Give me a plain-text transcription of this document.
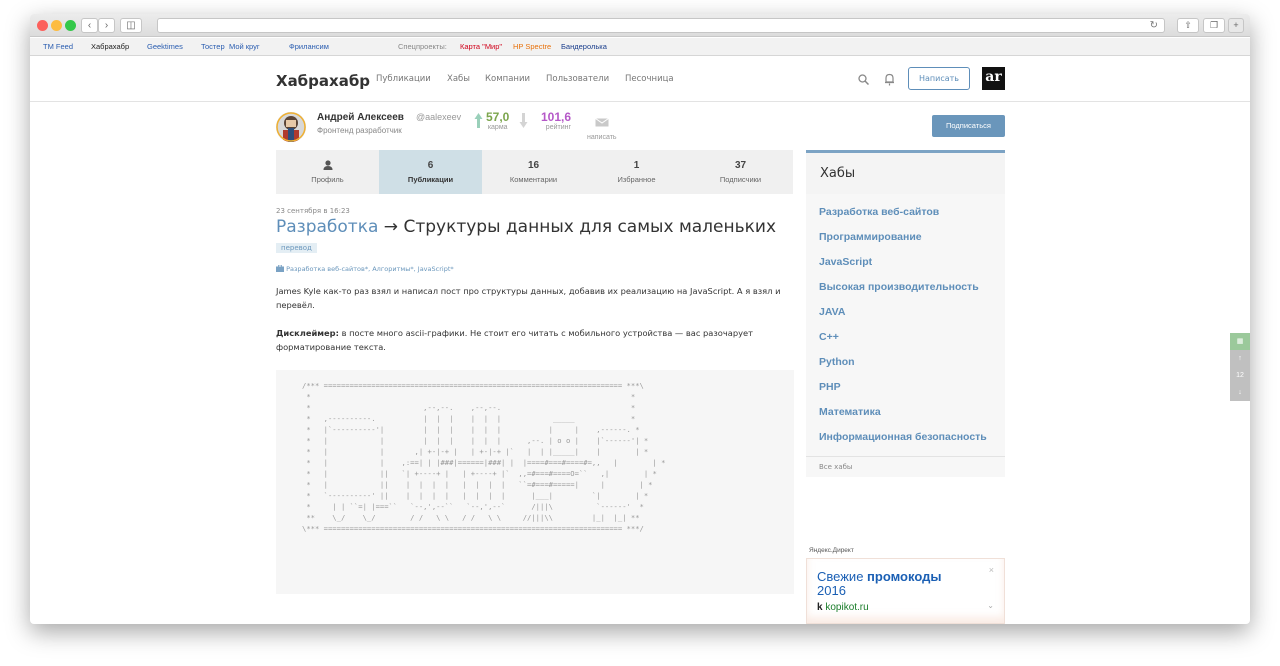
‹	›	◫	↻	⇧	❐	+
TM Feed Хабрахабр Geektimes Тостер Мой круг	Фрилансим	Спецпроекты: Карта "Мир" HP Spectre Бандеролька
Хабрахабр Публикации Хабы Компании Пользователи Песочница	Написать	ar
Андрей Алексеев @aalexeev
Фронтенд разработчик
57,0
карма
101,6
рейтинг
написать
Подписаться
Профиль
6
Публикации
16
Комментарии
1
Избранное
37
Подписчики
23 сентября в 16:23
Разработка → Структуры данных для самых маленьких
перевод
Разработка веб-сайтов*, Алгоритмы*, JavaScript*
James Kyle как-то раз взял и написал пост про структуры данных, добавив их реализацию на JavaScript. А я взял и перевёл.
Дисклеймер: в посте много ascii-графики. Не стоит его читать с мобильного устройства — вас разочарует форматирование текста.
/*** ===================================================================== ***\
*                                                                          *
*                          ,--,--.    ,--,--.                              *
*   ,----------.           |  |  |    |  |  |            _____             *
*   |`----------'|         |  |  |    |  |  |           |     |    ,------. *
*   |            |         |  |  |    |  |  |      ,--. | o o |    |`------'| *
*   |            |       ,| +-|-+ |   | +-|-+ |`   |  | |_____|    |        | *
*   |            |    ,:==| | |###|======|###| |  |====#===#====#=,,   |        | *
*   |            ||   `| +----+ |   | +----+ |`  ,,=#===#====O=``   ,|        | *
*   |            ||    |  |  |  |   |  |  |  |   ``=#===#=====|     |        | *
*   `----------' ||    |  |  |  |   |  |  |  |      |___|         `|        | *
*     | | ``=| |===``   `--,',--``   `--,',--`      /|||\          `------'  *
**    \_/    \_/        / /   \ \   / /   \ \     //|||\\         |_|  |_| **
\*** ===================================================================== ***/
Хабы
Разработка веб-сайтов
Программирование
JavaScript
Высокая производительность
JAVA
C++
Python
PHP
Математика
Информационная безопасность
Все хабы
Яндекс.Директ
Свежие промокоды
2016
k kopikot.ru
×
⌄
▦
↑
12
↓
